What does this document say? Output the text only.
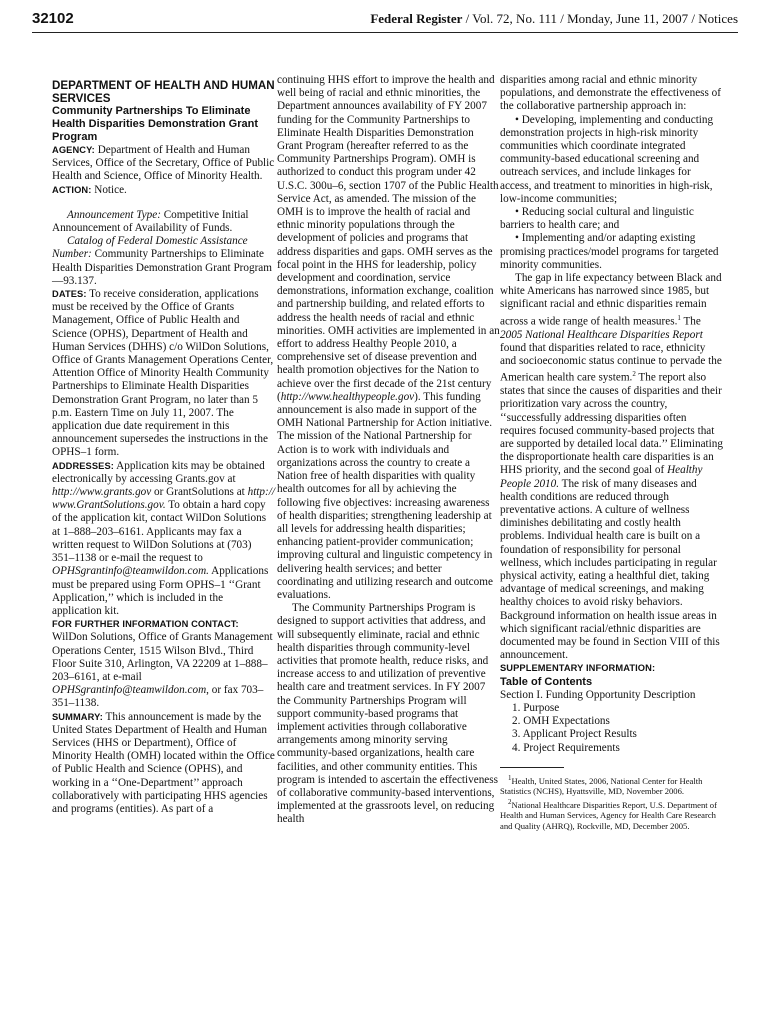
32102	Federal Register / Vol. 72, No. 111 / Monday, June 11, 2007 / Notices

DEPARTMENT OF HEALTH AND HUMAN SERVICES

Community Partnerships To Eliminate Health Disparities Demonstration Grant Program

AGENCY: Department of Health and Human Services, Office of the Secretary, Office of Public Health and Science, Office of Minority Health.

ACTION: Notice.

Announcement Type: Competitive Initial Announcement of Availability of Funds.

Catalog of Federal Domestic Assistance Number: Community Partnerships to Eliminate Health Disparities Demonstration Grant Program—93.137.

DATES: To receive consideration, applications must be received by the Office of Grants Management, Office of Public Health and Science (OPHS), Department of Health and Human Services (DHHS) c/o WilDon Solutions, Office of Grants Management Operations Center, Attention Office of Minority Health Community Partnerships to Eliminate Health Disparities Demonstration Grant Program, no later than 5 p.m. Eastern Time on July 11, 2007. The application due date requirement in this announcement supersedes the instructions in the OPHS–1 form.

ADDRESSES: Application kits may be obtained electronically by accessing Grants.gov at http://www.grants.gov or GrantSolutions at http:// www.GrantSolutions.gov. To obtain a hard copy of the application kit, contact WilDon Solutions at 1–888–203–6161. Applicants may fax a written request to WilDon Solutions at (703) 351–1138 or e-mail the request to OPHSgrantinfo@teamwildon.com. Applications must be prepared using Form OPHS–1 ‘‘Grant Application,’’ which is included in the application kit.

FOR FURTHER INFORMATION CONTACT: WilDon Solutions, Office of Grants Management Operations Center, 1515 Wilson Blvd., Third Floor Suite 310, Arlington, VA 22209 at 1–888–203–6161, at e-mail OPHSgrantinfo@teamwildon.com, or fax 703–351–1138.

SUMMARY: This announcement is made by the United States Department of Health and Human Services (HHS or Department), Office of Minority Health (OMH) located within the Office of Public Health and Science (OPHS), and working in a ‘‘One-Department’’ approach collaboratively with participating HHS agencies and programs (entities). As part of a

continuing HHS effort to improve the health and well being of racial and ethnic minorities, the Department announces availability of FY 2007 funding for the Community Partnerships to Eliminate Health Disparities Demonstration Grant Program (hereafter referred to as the Community Partnerships Program). OMH is authorized to conduct this program under 42 U.S.C. 300u–6, section 1707 of the Public Health Service Act, as amended. The mission of the OMH is to improve the health of racial and ethnic minority populations through the development of policies and programs that address disparities and gaps. OMH serves as the focal point in the HHS for leadership, policy development and coordination, service demonstrations, information exchange, coalition and partnership building, and related efforts to address the health needs of racial and ethnic minorities. OMH activities are implemented in an effort to address Healthy People 2010, a comprehensive set of disease prevention and health promotion objectives for the Nation to achieve over the first decade of the 21st century (http://www.healthypeople.gov). This funding announcement is also made in support of the OMH National Partnership for Action initiative. The mission of the National Partnership for Action is to work with individuals and organizations across the country to create a Nation free of health disparities with quality health outcomes for all by achieving the following five objectives: increasing awareness of health disparities; strengthening leadership at all levels for addressing health disparities; enhancing patient-provider communication; improving cultural and linguistic competency in delivering health services; and better coordinating and utilizing research and outcome evaluations.

The Community Partnerships Program is designed to support activities that address, and will subsequently eliminate, racial and ethnic health disparities through community-level activities that promote health, reduce risks, and increase access to and utilization of preventive health care and treatment services. In FY 2007 the Community Partnerships Program will support community-based programs that implement activities through collaborative arrangements among minority serving community-based organizations, health care facilities, and other community entities. This program is intended to ascertain the effectiveness of collaborative community-based interventions, implemented at the grassroots level, on reducing health

disparities among racial and ethnic minority populations, and demonstrate the effectiveness of the collaborative partnership approach in:

• Developing, implementing and conducting demonstration projects in high-risk minority communities which coordinate integrated community-based educational screening and outreach services, and include linkages for access, and treatment to minorities in high-risk, low-income communities;

• Reducing social cultural and linguistic barriers to health care; and

• Implementing and/or adapting existing promising practices/model programs for targeted minority communities.

The gap in life expectancy between Black and white Americans has narrowed since 1985, but significant racial and ethnic disparities remain across a wide range of health measures.$^1$ The 2005 National Healthcare Disparities Report found that disparities related to race, ethnicity and socioeconomic status continue to pervade the American health care system.$^2$ The report also states that since the causes of disparities and their prioritization vary across the country, ‘‘successfully addressing disparities often requires focused community-based projects that are supported by detailed local data.’’ Eliminating the disproportionate health care disparities is an HHS priority, and the second goal of Healthy People 2010. The risk of many diseases and health conditions are reduced through preventative actions. A culture of wellness diminishes debilitating and costly health problems. Individual health care is built on a foundation of responsibility for personal wellness, which includes participating in regular physical activity, eating a healthful diet, taking advantage of medical screenings, and making healthy choices to avoid risky behaviors. Background information on health issue areas in which significant racial/ethnic disparities are documented may be found in Section VIII of this announcement.

SUPPLEMENTARY INFORMATION:

Table of Contents

Section I. Funding Opportunity Description

1. Purpose

2. OMH Expectations

3. Applicant Project Results

4. Project Requirements

$^1$Health, United States, 2006, National Center for Health Statistics (NCHS), Hyattsville, MD, November 2006.

$^2$National Healthcare Disparities Report, U.S. Department of Health and Human Services, Agency for Health Care Research and Quality (AHRQ), Rockville, MD, December 2005.
